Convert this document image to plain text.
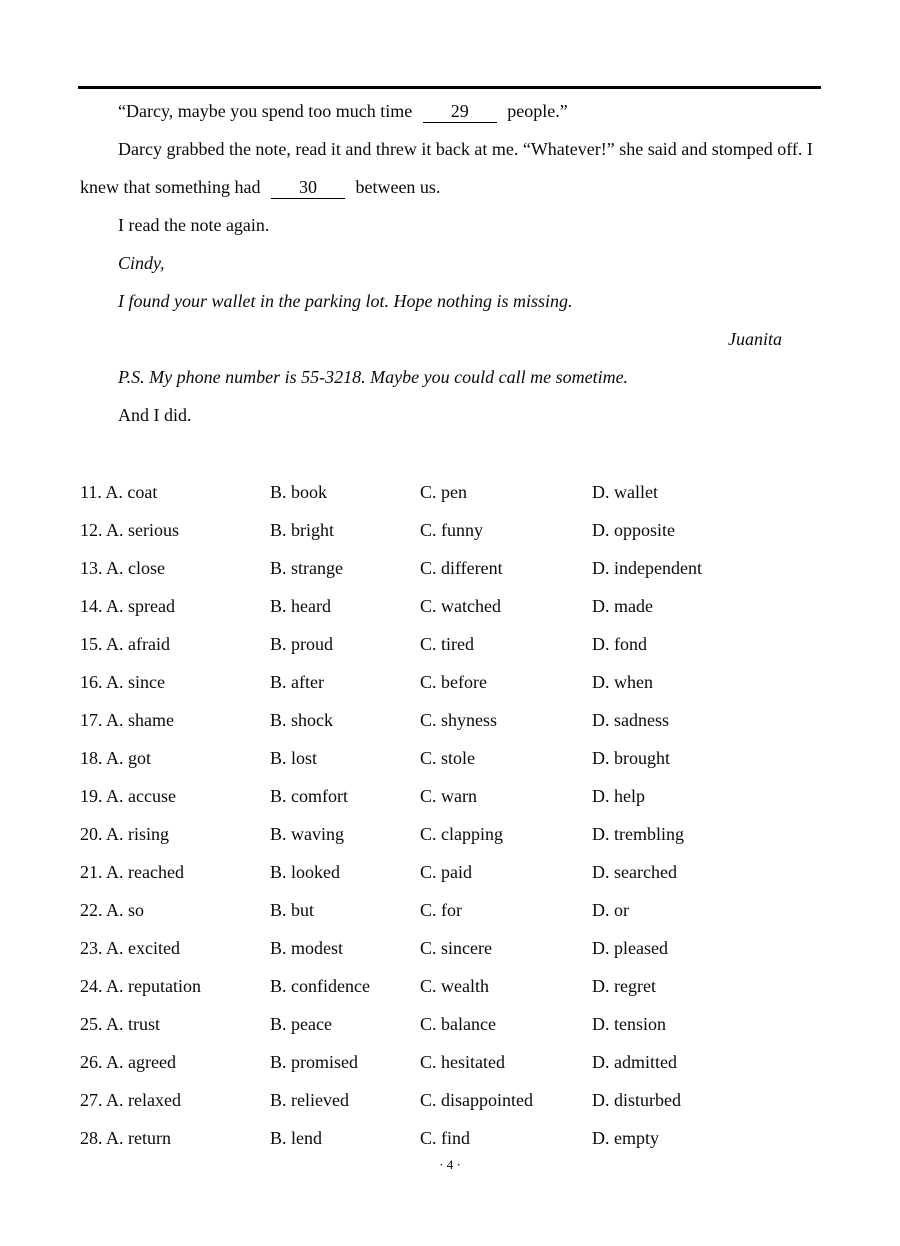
“Darcy, maybe you spend too much time 29 people.”

Darcy grabbed the note, read it and threw it back at me. “Whatever!” she said and stomped off. I knew that something had 30 between us.

I read the note again.

Cindy,

I found your wallet in the parking lot. Hope nothing is missing.

Juanita

P.S. My phone number is 55-3218. Maybe you could call me sometime.

And I did.

11. A. coat	B. book	C. pen	D. wallet
12. A. serious	B. bright	C. funny	D. opposite
13. A. close	B. strange	C. different	D. independent
14. A. spread	B. heard	C. watched	D. made
15. A. afraid	B. proud	C. tired	D. fond
16. A. since	B. after	C. before	D. when
17. A. shame	B. shock	C. shyness	D. sadness
18. A. got	B. lost	C. stole	D. brought
19. A. accuse	B. comfort	C. warn	D. help
20. A. rising	B. waving	C. clapping	D. trembling
21. A. reached	B. looked	C. paid	D. searched
22. A. so	B. but	C. for	D. or
23. A. excited	B. modest	C. sincere	D. pleased
24. A. reputation	B. confidence	C. wealth	D. regret
25. A. trust	B. peace	C. balance	D. tension
26. A. agreed	B. promised	C. hesitated	D. admitted
27. A. relaxed	B. relieved	C. disappointed	D. disturbed
28. A. return	B. lend	C. find	D. empty
· 4 ·
